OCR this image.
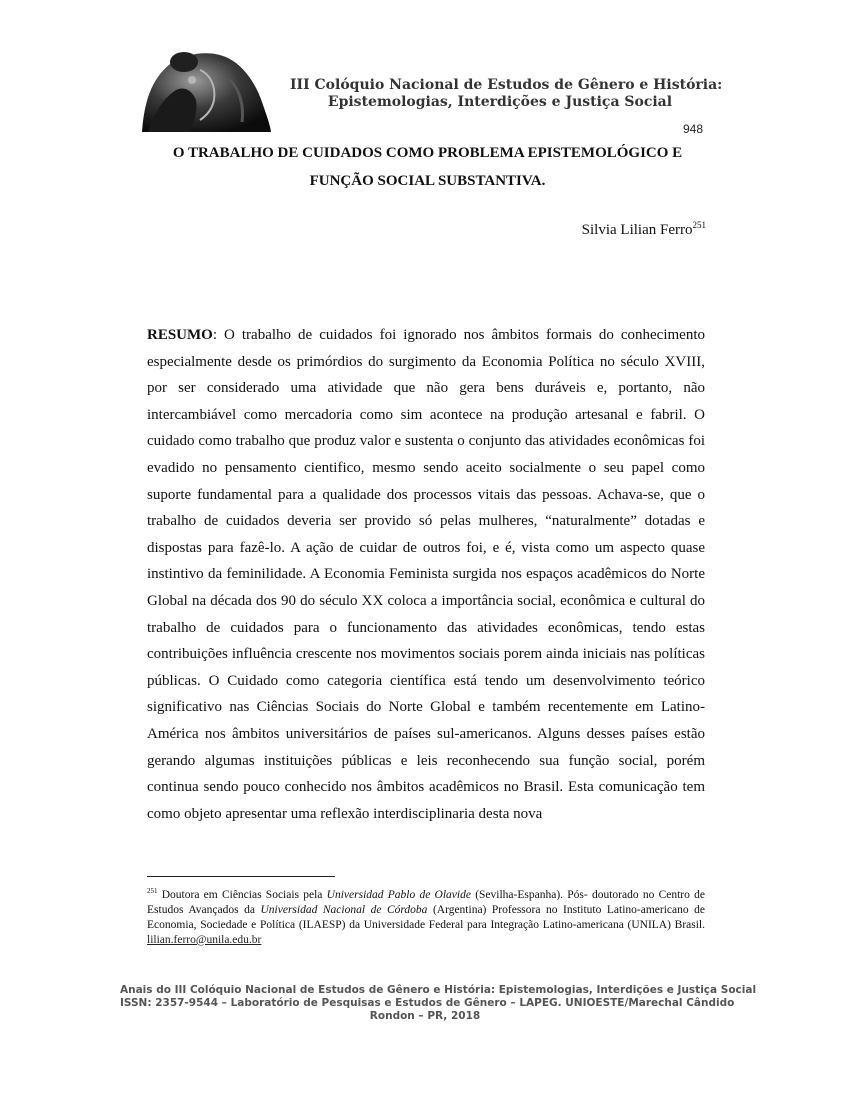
III Colóquio Nacional de Estudos de Gênero e História:
Epistemologias, Interdições e Justiça Social
948
O TRABALHO DE CUIDADOS COMO PROBLEMA EPISTEMOLÓGICO E
FUNÇÃO SOCIAL SUBSTANTIVA.
Silvia Lilian Ferro$^{251}$
RESUMO: O trabalho de cuidados foi ignorado nos âmbitos formais do conhecimento especialmente desde os primórdios do surgimento da Economia Política no século XVIII, por ser considerado uma atividade que não gera bens duráveis e, portanto, não intercambiável como mercadoria como sim acontece na produção artesanal e fabril. O cuidado como trabalho que produz valor e sustenta o conjunto das atividades econômicas foi evadido no pensamento cientifico, mesmo sendo aceito socialmente o seu papel como suporte fundamental para a qualidade dos processos vitais das pessoas. Achava-se, que o trabalho de cuidados deveria ser provido só pelas mulheres, “naturalmente” dotadas e dispostas para fazê-lo. A ação de cuidar de outros foi, e é, vista como um aspecto quase instintivo da feminilidade. A Economia Feminista surgida nos espaços acadêmicos do Norte Global na década dos 90 do século XX coloca a importância social, econômica e cultural do trabalho de cuidados para o funcionamento das atividades econômicas, tendo estas contribuições influência crescente nos movimentos sociais porem ainda iniciais nas políticas públicas. O Cuidado como categoria científica está tendo um desenvolvimento teórico significativo nas Ciências Sociais do Norte Global e também recentemente em Latino-América nos âmbitos universitários de países sul-americanos. Alguns desses países estão gerando algumas instituições públicas e leis reconhecendo sua função social, porém continua sendo pouco conhecido nos âmbitos acadêmicos no Brasil. Esta comunicação tem como objeto apresentar uma reflexão interdisciplinaria desta nova
$^{251}$ Doutora em Ciências Sociais pela Universidad Pablo de Olavide (Sevilha-Espanha). Pós- doutorado no Centro de Estudos Avançados da Universidad Nacional de Córdoba (Argentina) Professora no Instituto Latino-americano de Economia, Sociedade e Política (ILAESP) da Universidade Federal para Integração Latino-americana (UNILA) Brasil. lilian.ferro@unila.edu.br
Anais do III Colóquio Nacional de Estudos de Gênero e História: Epistemologias, Interdições e Justiça Social
ISSN: 2357-9544 – Laboratório de Pesquisas e Estudos de Gênero – LAPEG. UNIOESTE/Marechal Cândido
Rondon – PR, 2018
